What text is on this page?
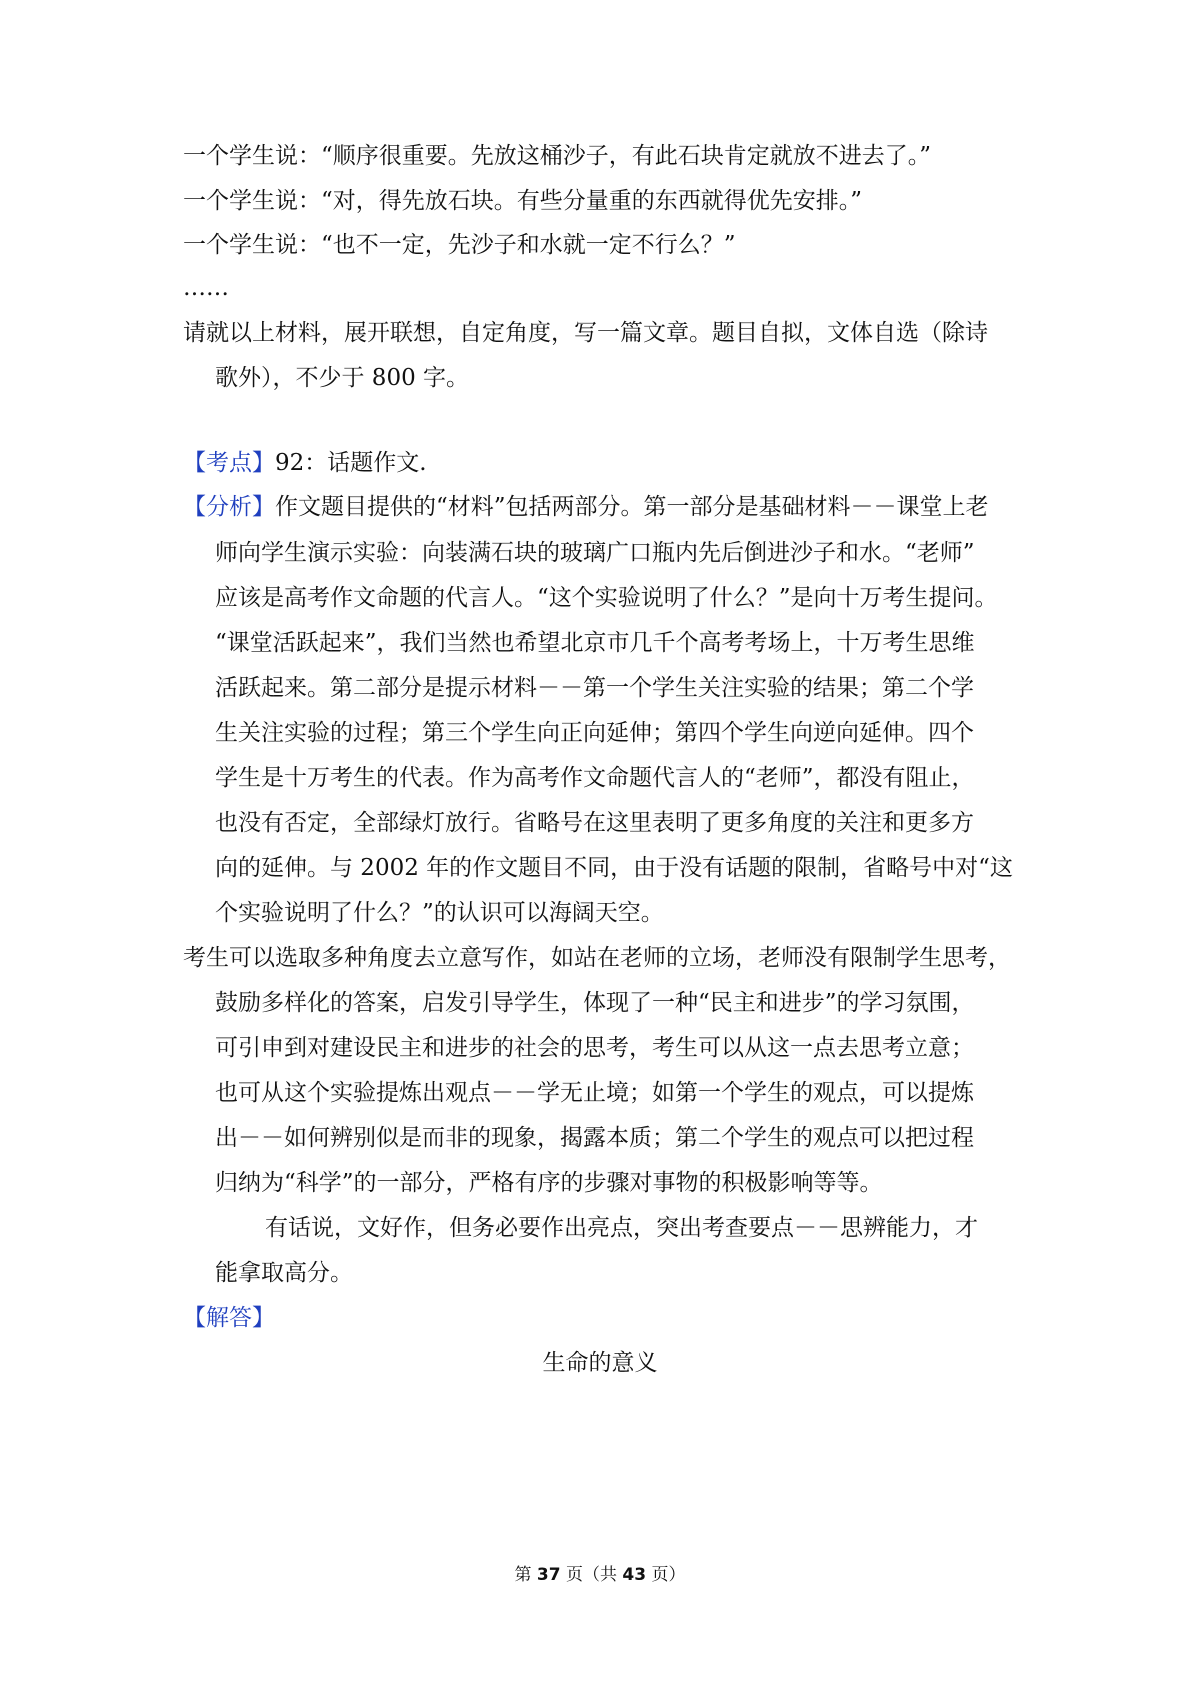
一个学生说：“顺序很重要。先放这桶沙子，有此石块肯定就放不进去了。”
一个学生说：“对，得先放石块。有些分量重的东西就得优先安排。”
一个学生说：“也不一定，先沙子和水就一定不行么？”
……
请就以上材料，展开联想，自定角度，写一篇文章。题目自拟，文体自选（除诗
歌外），不少于 800 字。
【考点】92：话题作文.
【分析】作文题目提供的“材料”包括两部分。第一部分是基础材料－－课堂上老
师向学生演示实验：向装满石块的玻璃广口瓶内先后倒进沙子和水。“老师”
应该是高考作文命题的代言人。“这个实验说明了什么？”是向十万考生提问。
“课堂活跃起来”，我们当然也希望北京市几千个高考考场上，十万考生思维
活跃起来。第二部分是提示材料－－第一个学生关注实验的结果；第二个学
生关注实验的过程；第三个学生向正向延伸；第四个学生向逆向延伸。四个
学生是十万考生的代表。作为高考作文命题代言人的“老师”，都没有阻止，
也没有否定，全部绿灯放行。省略号在这里表明了更多角度的关注和更多方
向的延伸。与 2002 年的作文题目不同，由于没有话题的限制，省略号中对“这
个实验说明了什么？”的认识可以海阔天空。
考生可以选取多种角度去立意写作，如站在老师的立场，老师没有限制学生思考，
鼓励多样化的答案，启发引导学生，体现了一种“民主和进步”的学习氛围，
可引申到对建设民主和进步的社会的思考，考生可以从这一点去思考立意；
也可从这个实验提炼出观点－－学无止境；如第一个学生的观点，可以提炼
出－－如何辨别似是而非的现象，揭露本质；第二个学生的观点可以把过程
归纳为“科学”的一部分，严格有序的步骤对事物的积极影响等等。
有话说，文好作，但务必要作出亮点，突出考查要点－－思辨能力，才
能拿取高分。
【解答】
生命的意义
第 37 页（共 43 页）
